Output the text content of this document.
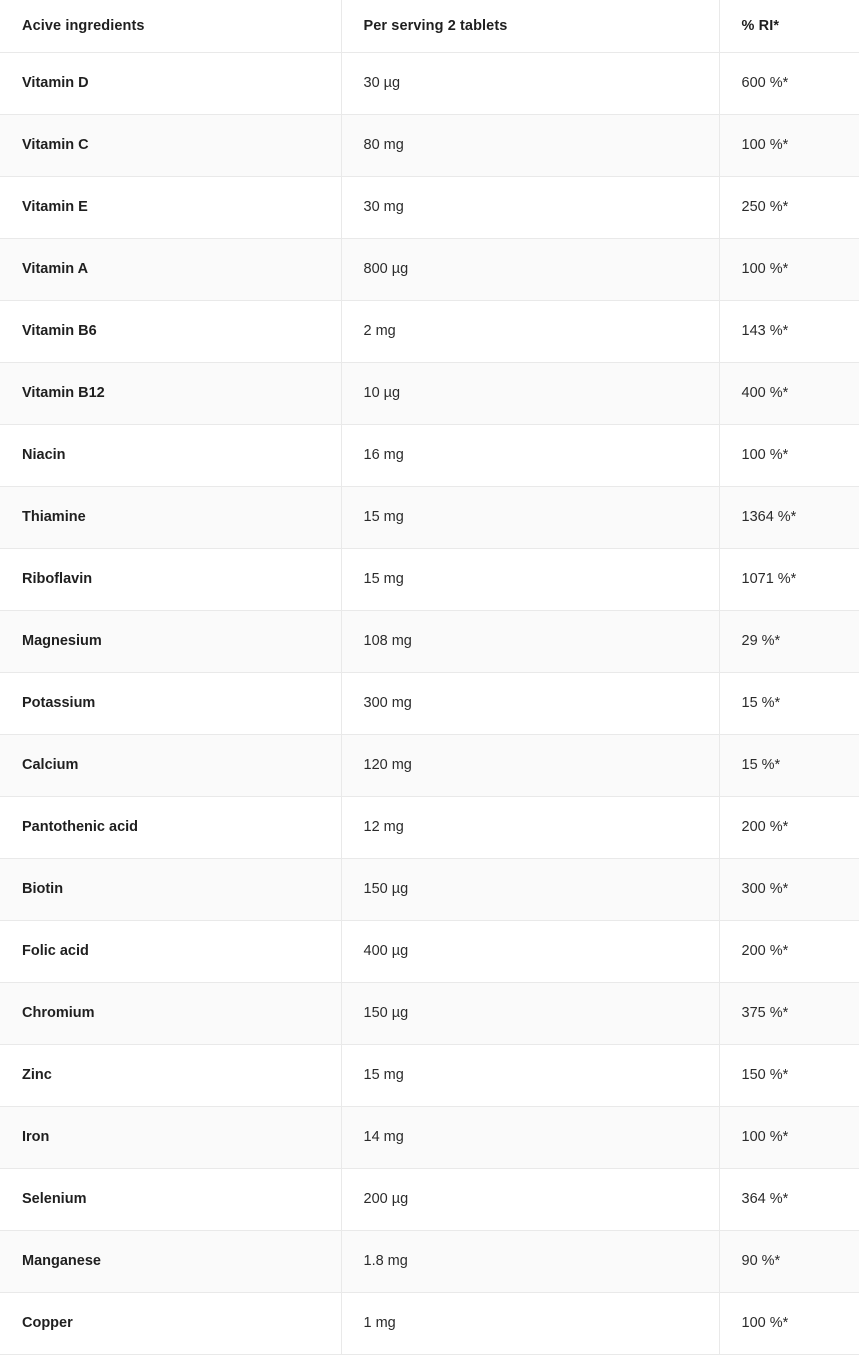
Acive ingredients	Per serving 2 tablets	% RI*
Vitamin D	30 µg	600 %*
Vitamin C	80 mg	100 %*
Vitamin E	30 mg	250 %*
Vitamin A	800 µg	100 %*
Vitamin B6	2 mg	143 %*
Vitamin B12	10 µg	400 %*
Niacin	16 mg	100 %*
Thiamine	15 mg	1364 %*
Riboflavin	15 mg	1071 %*
Magnesium	108 mg	29 %*
Potassium	300 mg	15 %*
Calcium	120 mg	15 %*
Pantothenic acid	12 mg	200 %*
Biotin	150 µg	300 %*
Folic acid	400 µg	200 %*
Chromium	150 µg	375 %*
Zinc	15 mg	150 %*
Iron	14 mg	100 %*
Selenium	200 µg	364 %*
Manganese	1.8 mg	90 %*
Copper	1 mg	100 %*
